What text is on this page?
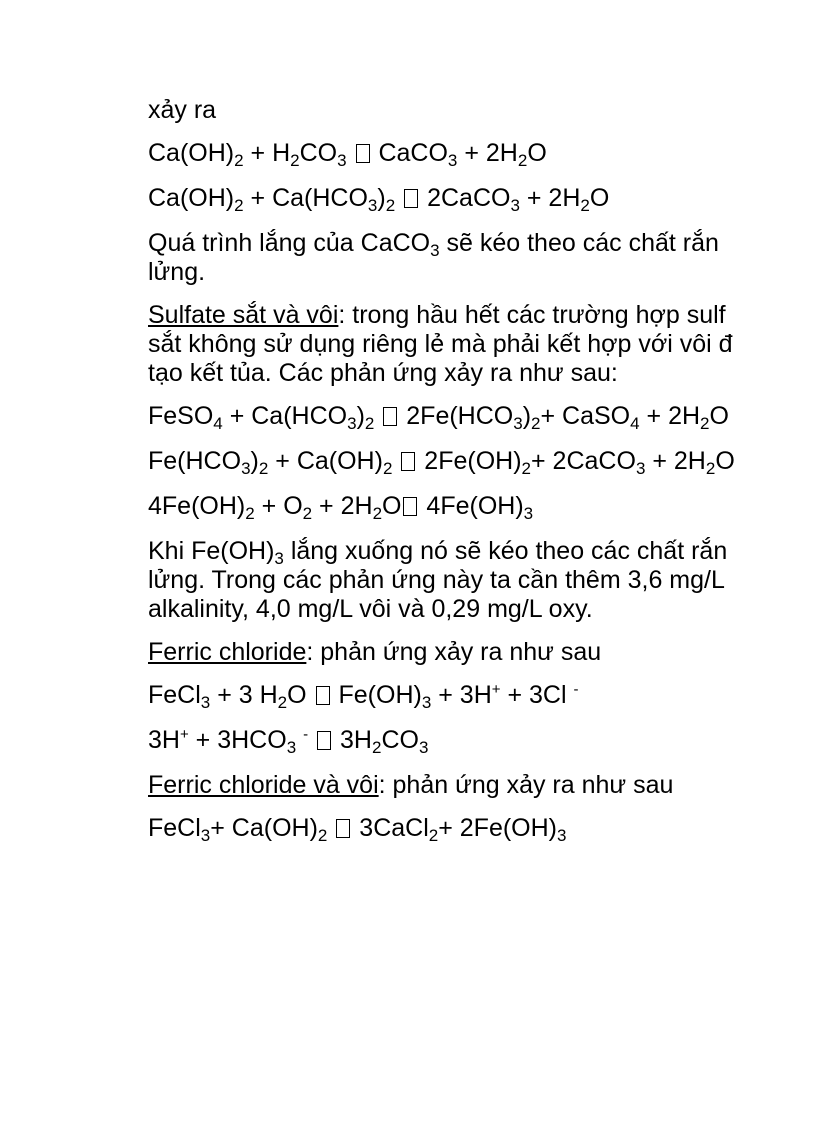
xảy ra
$Ca(OH)_2 + H_2CO_3$  CaCO$_3$ + $2H_2O$
$Ca(OH)_2 + Ca(HCO_3)_2$  2CaCO$_3$ + $2H_2O$
Quá trình lắng của CaCO$_3$ sẽ kéo theo các chất rắn
lửng.
Sulfate sắt và vôi: trong hầu hết các trường hợp sulf
sắt không sử dụng riêng lẻ mà phải kết hợp với vôi đ
tạo kết tủa. Các phản ứng xảy ra như sau:
FeSO$_4$ + $Ca(HCO_3)_2$  $2Fe(HCO_3)_2+$ CaSO$_4$ + $2H_2O$
$Fe(HCO_3)_2 + Ca(OH)_2$  $2Fe(OH)_2+$ 2CaCO$_3$ + $2H_2O$
$4Fe(OH)_2 + O_2 + 2H_2O$ $4Fe(OH)_3$
Khi $Fe(OH)_3$ lắng xuống nó sẽ kéo theo các chất rắn
lửng. Trong các phản ứng này ta cần thêm 3,6 mg/L
alkalinity, 4,0 mg/L vôi và 0,29 mg/L oxy.
Ferric chloride: phản ứng xảy ra như sau
FeCl$_3$ + 3 $H_2O$  $Fe(OH)_3 + 3H^+ + 3Cl$ -
$3H^+ + 3HCO_3$ -  $3H_2CO_3$
Ferric chloride và vôi: phản ứng xảy ra như sau
FeCl$_3$+ $Ca(OH)_2$  3CaCl$_2$+ $2Fe(OH)_3$
